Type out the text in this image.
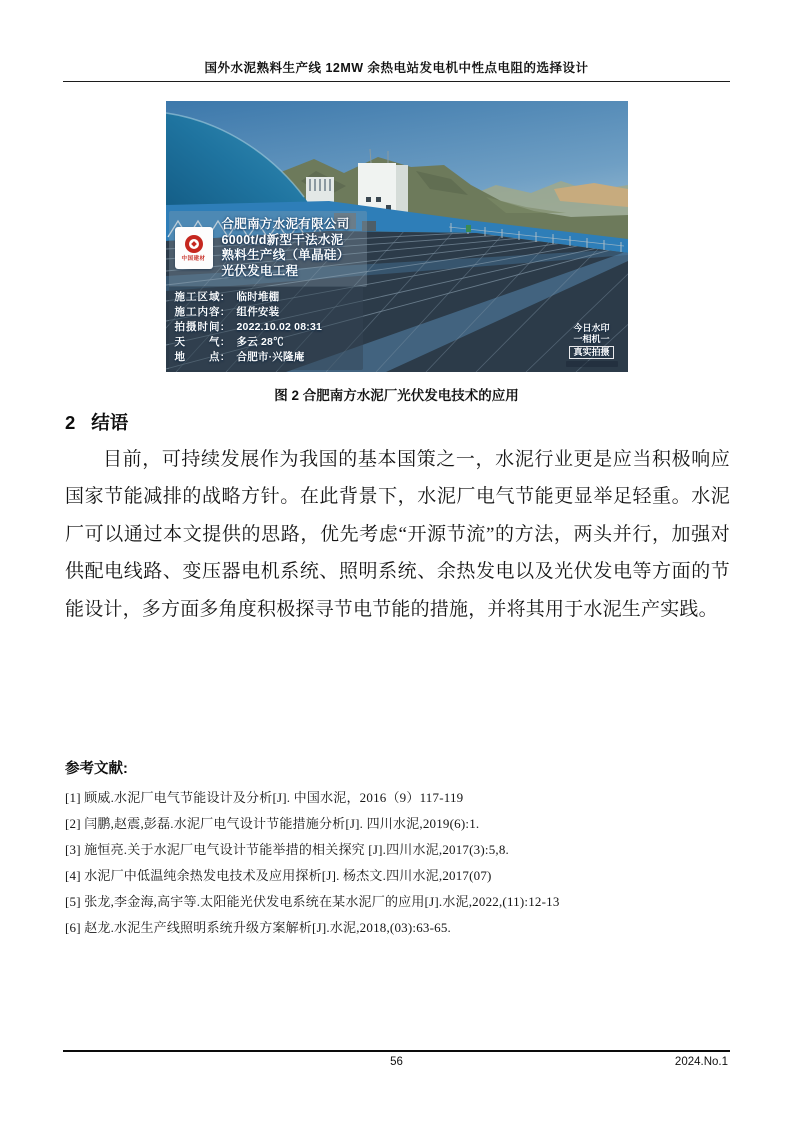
国外水泥熟料生产线 12MW 余热电站发电机中性点电阻的选择设计
中国建材
合肥南方水泥有限公司
6000t/d新型干法水泥
熟料生产线（单晶硅）
光伏发电工程
施工区域:	临时堆棚
施工内容:	组件安装
拍摄时间:	2022.10.02 08:31
天　　气:	多云 28℃
地　　点:	合肥市·兴隆庵
今日水印
一相机一
真实拍摄
图 2 合肥南方水泥厂光伏发电技术的应用
2 结语
目前，可持续发展作为我国的基本国策之一，水泥行业更是应当积极响应国家节能减排的战略方针。在此背景下，水泥厂电气节能更显举足轻重。水泥厂可以通过本文提供的思路，优先考虑“开源节流”的方法，两头并行，加强对供配电线路、变压器电机系统、照明系统、余热发电以及光伏发电等方面的节能设计，多方面多角度积极探寻节电节能的措施，并将其用于水泥生产实践。
参考文献:
[1] 顾威.水泥厂电气节能设计及分析[J]. 中国水泥，2016（9）117-119
[2] 闫鹏,赵震,彭磊.水泥厂电气设计节能措施分析[J]. 四川水泥,2019(6):1.
[3] 施恒亮.关于水泥厂电气设计节能举措的相关探究 [J].四川水泥,2017(3):5,8.
[4] 水泥厂中低温纯余热发电技术及应用探析[J]. 杨杰文.四川水泥,2017(07)
[5] 张龙,李金海,高宇等.太阳能光伏发电系统在某水泥厂的应用[J].水泥,2022,(11):12-13
[6] 赵龙.水泥生产线照明系统升级方案解析[J].水泥,2018,(03):63-65.
56	2024.No.1
